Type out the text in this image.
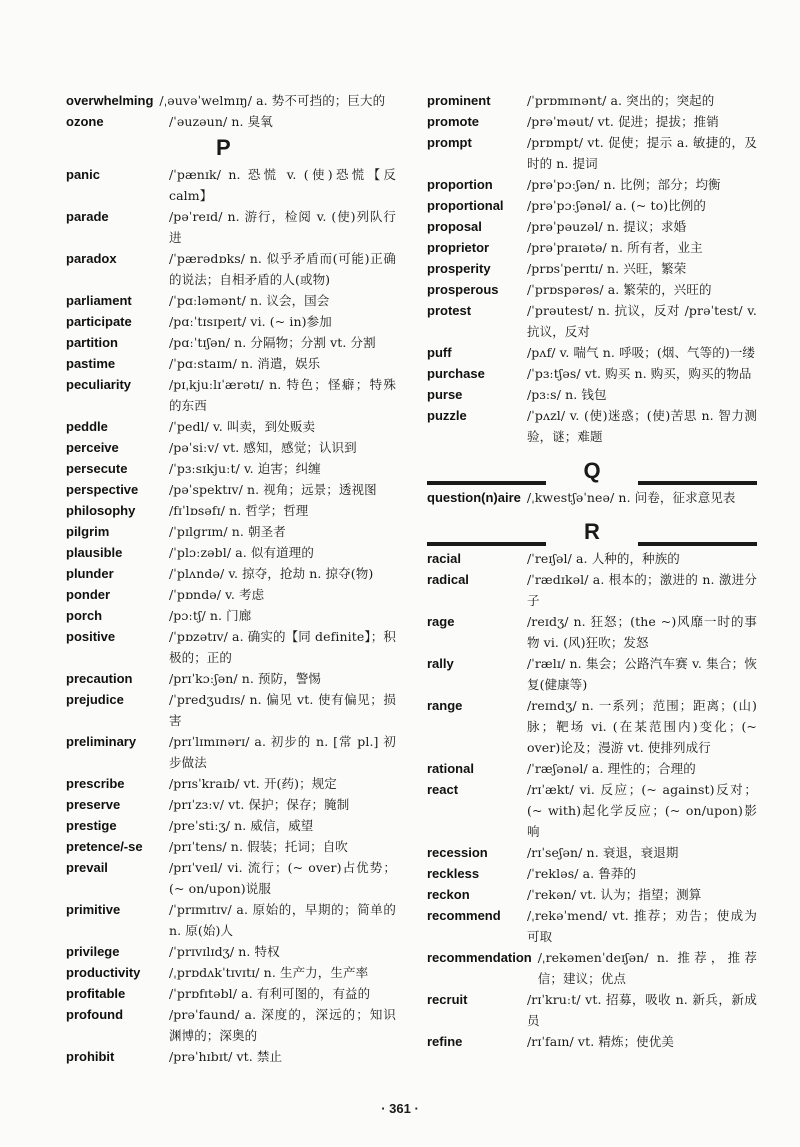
overwhelming /ˌəuvəˈwelmɪŋ/ a. 势不可挡的；巨大的
ozone	/ˈəuzəun/ n. 臭氧
P
panic	/ˈpænɪk/ n. 恐慌 v. (使)恐慌【反 calm】
parade	/pəˈreɪd/ n. 游行，检阅 v. (使)列队行进
paradox	/ˈpærədɒks/ n. 似乎矛盾而(可能)正确的说法；自相矛盾的人(或物)
parliament	/ˈpɑːləmənt/ n. 议会，国会
participate	/pɑːˈtɪsɪpeɪt/ vi. (~ in)参加
partition	/pɑːˈtɪʃən/ n. 分隔物；分割 vt. 分割
pastime	/ˈpɑːstaɪm/ n. 消遣，娱乐
peculiarity	/pɪˌkjuːlɪˈærətɪ/ n. 特色；怪癖；特殊的东西
peddle	/ˈpedl/ v. 叫卖，到处贩卖
perceive	/pəˈsiːv/ vt. 感知，感觉；认识到
persecute	/ˈpɜːsɪkjuːt/ v. 迫害；纠缠
perspective	/pəˈspektɪv/ n. 视角；远景；透视图
philosophy	/fɪˈlɒsəfɪ/ n. 哲学；哲理
pilgrim	/ˈpɪlgrɪm/ n. 朝圣者
plausible	/ˈplɔːzəbl/ a. 似有道理的
plunder	/ˈplʌndə/ v. 掠夺，抢劫 n. 掠夺(物)
ponder	/ˈpɒndə/ v. 考虑
porch	/pɔːtʃ/ n. 门廊
positive	/ˈpɒzətɪv/ a. 确实的【同 definite】；积极的；正的
precaution	/prɪˈkɔːʃən/ n. 预防，警惕
prejudice	/ˈpredʒudɪs/ n. 偏见 vt. 使有偏见；损害
preliminary	/prɪˈlɪmɪnərɪ/ a. 初步的 n. [常 pl.] 初步做法
prescribe	/prɪsˈkraɪb/ vt. 开(药)；规定
preserve	/prɪˈzɜːv/ vt. 保护；保存；腌制
prestige	/preˈstiːʒ/ n. 威信，威望
pretence/-se	/prɪˈtens/ n. 假装；托词；自吹
prevail	/prɪˈveɪl/ vi. 流行；(~ over)占优势；(~ on/upon)说服
primitive	/ˈprɪmɪtɪv/ a. 原始的，早期的；简单的 n. 原(始)人
privilege	/ˈprɪvɪlɪdʒ/ n. 特权
productivity	/ˌprɒdʌkˈtɪvɪtɪ/ n. 生产力，生产率
profitable	/ˈprɒfɪtəbl/ a. 有利可图的，有益的
profound	/prəˈfaund/ a. 深度的，深远的；知识渊博的；深奥的
prohibit	/prəˈhɪbɪt/ vt. 禁止
prominent	/ˈprɒmɪnənt/ a. 突出的；突起的
promote	/prəˈməut/ vt. 促进；提拔；推销
prompt	/prɒmpt/ vt. 促使；提示 a. 敏捷的，及时的 n. 提词
proportion	/prəˈpɔːʃən/ n. 比例；部分；均衡
proportional	/prəˈpɔːʃənəl/ a. (~ to)比例的
proposal	/prəˈpəuzəl/ n. 提议；求婚
proprietor	/prəˈpraɪətə/ n. 所有者，业主
prosperity	/prɒsˈperɪtɪ/ n. 兴旺，繁荣
prosperous	/ˈprɒspərəs/ a. 繁荣的，兴旺的
protest	/ˈprəutest/ n. 抗议，反对 /prəˈtest/ v. 抗议，反对
puff	/pʌf/ v. 喘气 n. 呼吸；(烟、气等的)一缕
purchase	/ˈpɜːtʃəs/ vt. 购买 n. 购买，购买的物品
purse	/pɜːs/ n. 钱包
puzzle	/ˈpʌzl/ v. (使)迷惑；(使)苦思 n. 智力测验，谜；难题
Q
question(n)aire /ˌkwestʃəˈneə/ n. 问卷，征求意见表
R
racial	/ˈreɪʃəl/ a. 人种的，种族的
radical	/ˈrædɪkəl/ a. 根本的；激进的 n. 激进分子
rage	/reɪdʒ/ n. 狂怒；(the ~)风靡一时的事物 vi. (风)狂吹；发怒
rally	/ˈrælɪ/ n. 集会；公路汽车赛 v. 集合；恢复(健康等)
range	/reɪndʒ/ n. 一系列；范围；距离；(山)脉；靶场 vi. (在某范围内)变化；(~ over)论及；漫游 vt. 使排列成行
rational	/ˈræʃənəl/ a. 理性的；合理的
react	/rɪˈækt/ vi. 反应；(~ against)反对；(~ with)起化学反应；(~ on/upon)影响
recession	/rɪˈseʃən/ n. 衰退，衰退期
reckless	/ˈrekləs/ a. 鲁莽的
reckon	/ˈrekən/ vt. 认为；指望；测算
recommend	/ˌrekəˈmend/ vt. 推荐；劝告；使成为可取
recommendation /ˌrekəmenˈdeɪʃən/ n. 推荐，推荐信；建议；优点
recruit	/rɪˈkruːt/ vt. 招募，吸收 n. 新兵，新成员
refine	/rɪˈfaɪn/ vt. 精炼；使优美
· 361 ·
